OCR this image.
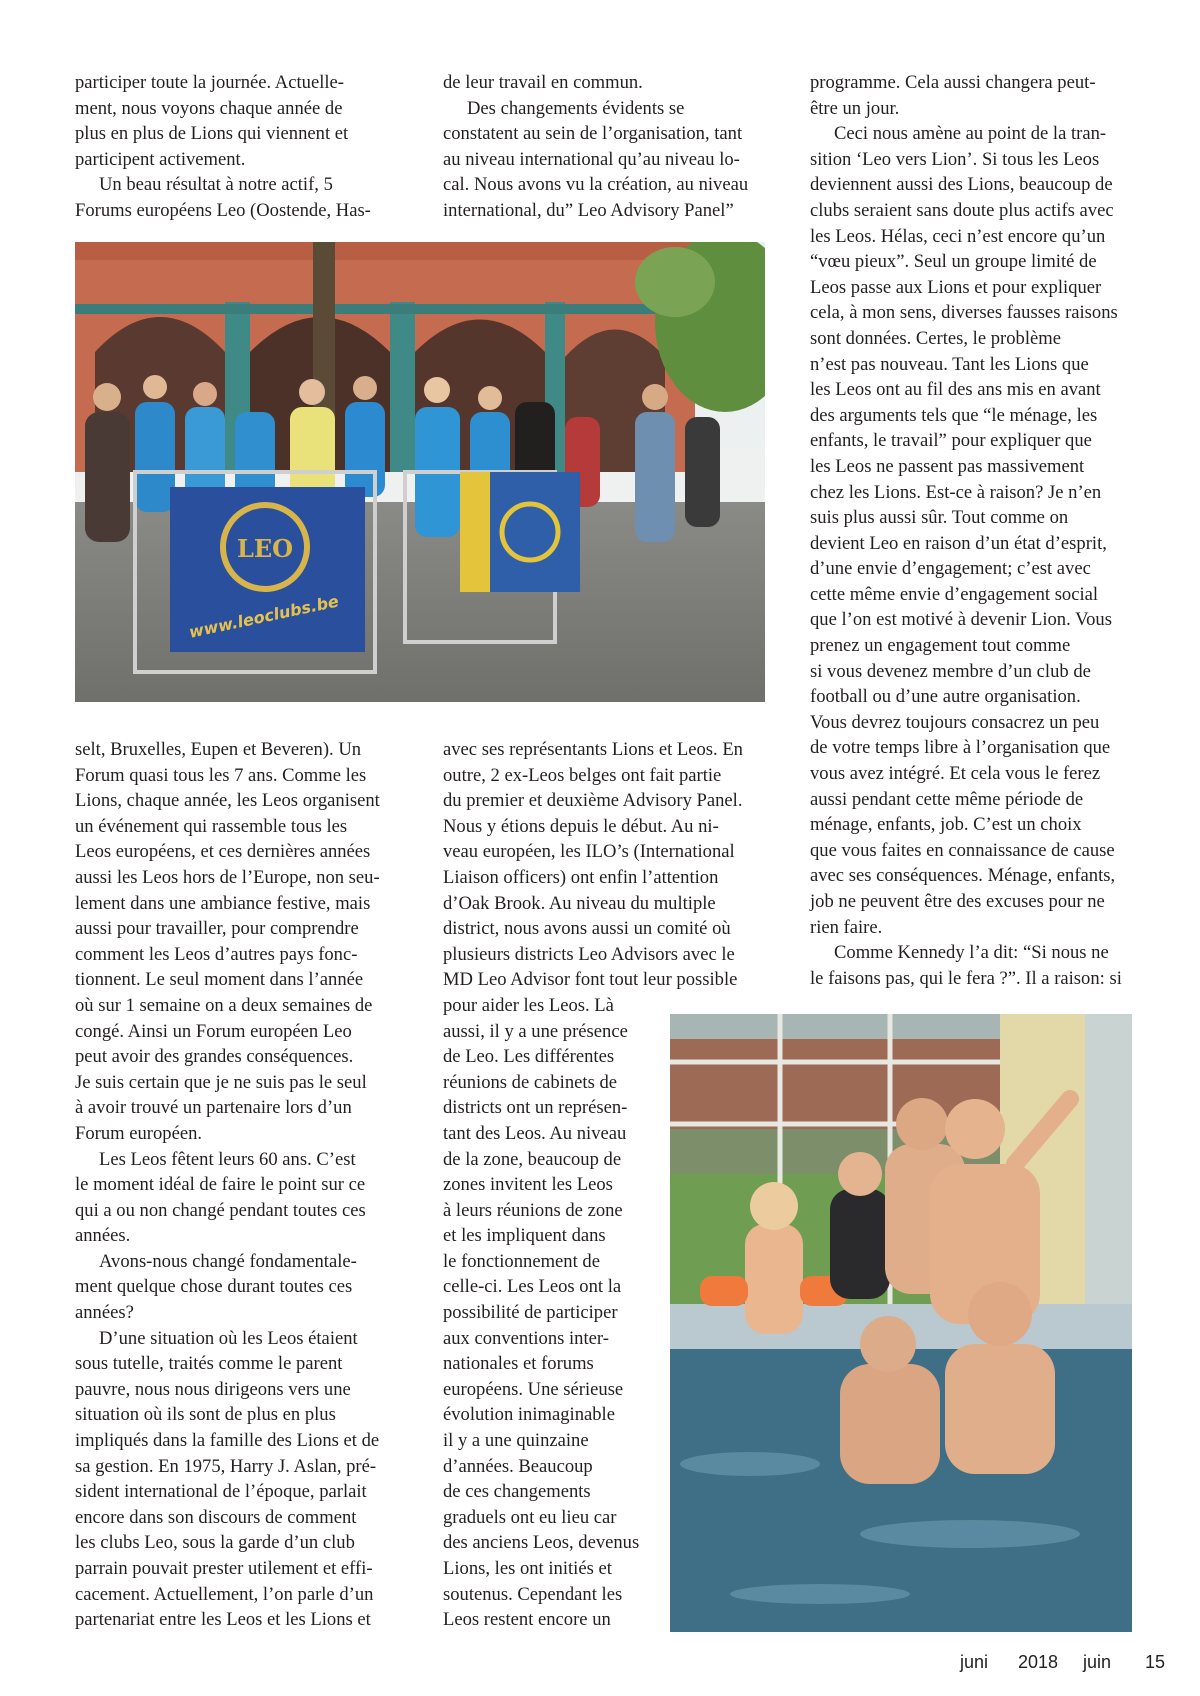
participer toute la journée. Actuelle-
ment, nous voyons chaque année de
plus en plus de Lions qui viennent et
participent activement.
Un beau résultat à notre actif, 5
Forums européens Leo (Oostende, Has-
de leur travail en commun.
Des changements évidents se
constatent au sein de l’organisation, tant
au niveau international qu’au niveau lo-
cal. Nous avons vu la création, au niveau
international, du” Leo Advisory Panel”
programme. Cela aussi changera peut-
être un jour.
Ceci nous amène au point de la tran-
sition ‘Leo vers Lion’. Si tous les Leos
deviennent aussi des Lions, beaucoup de
clubs seraient sans doute plus actifs avec
les Leos. Hélas, ceci n’est encore qu’un
“vœu pieux”. Seul un groupe limité de
Leos passe aux Lions et pour expliquer
cela, à mon sens, diverses fausses raisons
sont données. Certes, le problème
n’est pas nouveau. Tant les Lions que
les Leos ont au fil des ans mis en avant
des arguments tels que “le ménage, les
enfants, le travail” pour expliquer que
les Leos ne passent pas massivement
chez les Lions. Est-ce à raison? Je n’en
suis plus aussi sûr. Tout comme on
devient Leo en raison d’un état d’esprit,
d’une envie d’engagement; c’est avec
cette même envie d’engagement social
que l’on est motivé à devenir Lion. Vous
prenez un engagement tout comme
si vous devenez membre d’un club de
football ou d’une autre organisation.
Vous devrez toujours consacrez un peu
de votre temps libre à l’organisation que
vous avez intégré. Et cela vous le ferez
aussi pendant cette même période de
ménage, enfants, job. C’est un choix
que vous faites en connaissance de cause
avec ses conséquences. Ménage, enfants,
job ne peuvent être des excuses pour ne
rien faire.
Comme Kennedy l’a dit: “Si nous ne
le faisons pas, qui le fera ?”. Il a raison: si
selt, Bruxelles, Eupen et Beveren). Un
Forum quasi tous les 7 ans. Comme les
Lions, chaque année, les Leos organisent
un événement qui rassemble tous les
Leos européens, et ces dernières années
aussi les Leos hors de l’Europe, non seu-
lement dans une ambiance festive, mais
aussi pour travailler, pour comprendre
comment les Leos d’autres pays fonc-
tionnent. Le seul moment dans l’année
où sur 1 semaine on a deux semaines de
congé. Ainsi un Forum européen Leo
peut avoir des grandes conséquences.
Je suis certain que je ne suis pas le seul
à avoir trouvé un partenaire lors d’un
Forum européen.
Les Leos fêtent leurs 60 ans. C’est
le moment idéal de faire le point sur ce
qui a ou non changé pendant toutes ces
années.
Avons-nous changé fondamentale-
ment quelque chose durant toutes ces
années?
D’une situation où les Leos étaient
sous tutelle, traités comme le parent
pauvre, nous nous dirigeons vers une
situation où ils sont de plus en plus
impliqués dans la famille des Lions et de
sa gestion. En 1975, Harry J. Aslan, pré-
sident international de l’époque, parlait
encore dans son discours de comment
les clubs Leo, sous la garde d’un club
parrain pouvait prester utilement et effi-
cacement. Actuellement, l’on parle d’un
partenariat entre les Leos et les Lions et
avec ses représentants Lions et Leos. En
outre, 2 ex-Leos belges ont fait partie
du premier et deuxième Advisory Panel.
Nous y étions depuis le début. Au ni-
veau européen, les ILO’s (International
Liaison officers) ont enfin l’attention
d’Oak Brook. Au niveau du multiple
district, nous avons aussi un comité où
plusieurs districts Leo Advisors avec le
MD Leo Advisor font tout leur possible
pour aider les Leos. Là
aussi, il y a une présence
de Leo. Les différentes
réunions de cabinets de
districts ont un représen-
tant des Leos. Au niveau
de la zone, beaucoup de
zones invitent les Leos
à leurs réunions de zone
et les impliquent dans
le fonctionnement de
celle-ci. Les Leos ont la
possibilité de participer
aux conventions inter-
nationales et forums
européens. Une sérieuse
évolution inimaginable
il y a une quinzaine
d’années. Beaucoup
de ces changements
graduels ont eu lieu car
des anciens Leos, devenus
Lions, les ont initiés et
soutenus. Cependant les
Leos restent encore un
LEO
www.leoclubs.be
juni 2018 juin 15
